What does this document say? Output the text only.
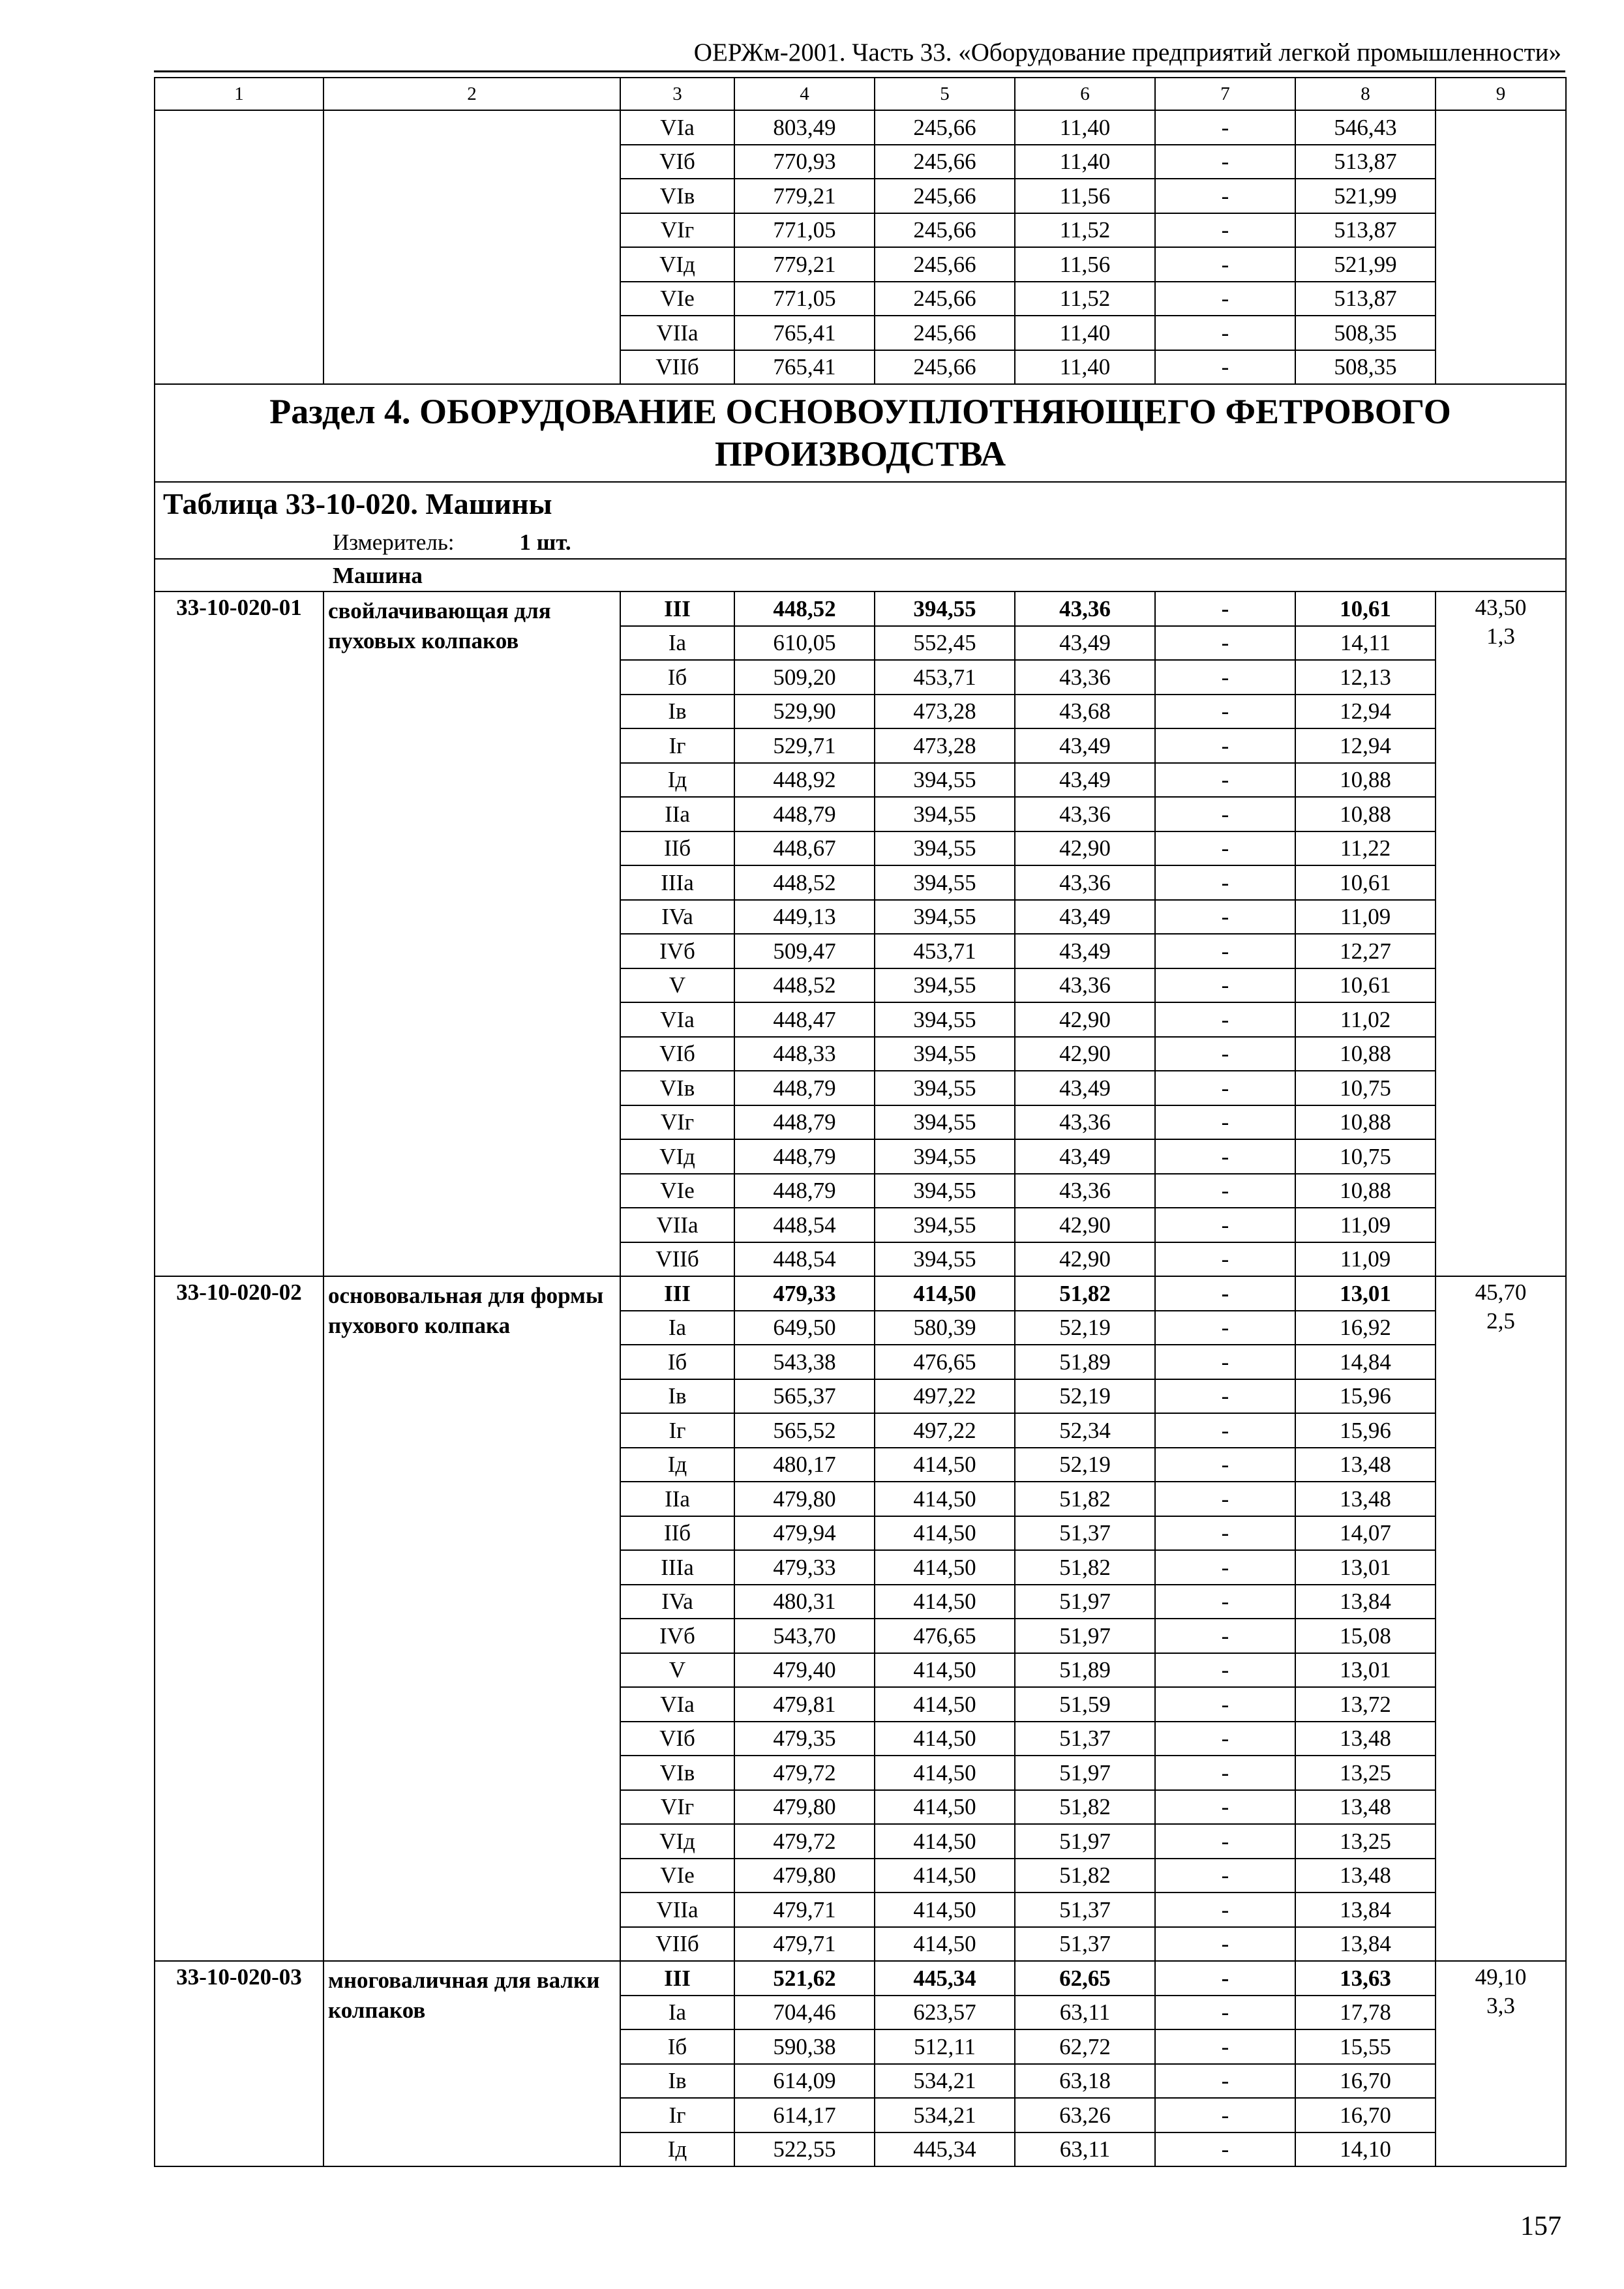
ОЕРЖм-2001. Часть 33. «Оборудование предприятий легкой промышленности»
1	2	3	4	5	6	7	8	9
		VIa	803,49	245,66	11,40	-	546,43	
		VIб	770,93	245,66	11,40	-	513,87	
		VIв	779,21	245,66	11,56	-	521,99	
		VIг	771,05	245,66	11,52	-	513,87	
		VIд	779,21	245,66	11,56	-	521,99	
		VIe	771,05	245,66	11,52	-	513,87	
		VIIa	765,41	245,66	11,40	-	508,35	
		VIIб	765,41	245,66	11,40	-	508,35	
Раздел 4. ОБОРУДОВАНИЕ ОСНОВОУПЛОТНЯЮЩЕГО ФЕТРОВОГО ПРОИЗВОДСТВА								
Таблица 33-10-020. Машины								
Измеритель: 1 шт.								
Машина								
33-10-020-01	свойлачивающая для пуховых колпаков	III	448,52	394,55	43,36	-	10,61	43,50
1,3

		Ia	610,05	552,45	43,49	-	14,11	
		Iб	509,20	453,71	43,36	-	12,13	
		Iв	529,90	473,28	43,68	-	12,94	
		Iг	529,71	473,28	43,49	-	12,94	
		Iд	448,92	394,55	43,49	-	10,88	
		IIa	448,79	394,55	43,36	-	10,88	
		IIб	448,67	394,55	42,90	-	11,22	
		IIIa	448,52	394,55	43,36	-	10,61	
		IVa	449,13	394,55	43,49	-	11,09	
		IVб	509,47	453,71	43,49	-	12,27	
		V	448,52	394,55	43,36	-	10,61	
		VIa	448,47	394,55	42,90	-	11,02	
		VIб	448,33	394,55	42,90	-	10,88	
		VIв	448,79	394,55	43,49	-	10,75	
		VIг	448,79	394,55	43,36	-	10,88	
		VIд	448,79	394,55	43,49	-	10,75	
		VIe	448,79	394,55	43,36	-	10,88	
		VIIa	448,54	394,55	42,90	-	11,09	
		VIIб	448,54	394,55	42,90	-	11,09	
33-10-020-02	основовальная для формы пухового колпака	III	479,33	414,50	51,82	-	13,01	45,70
2,5

		Ia	649,50	580,39	52,19	-	16,92	
		Iб	543,38	476,65	51,89	-	14,84	
		Iв	565,37	497,22	52,19	-	15,96	
		Iг	565,52	497,22	52,34	-	15,96	
		Iд	480,17	414,50	52,19	-	13,48	
		IIa	479,80	414,50	51,82	-	13,48	
		IIб	479,94	414,50	51,37	-	14,07	
		IIIa	479,33	414,50	51,82	-	13,01	
		IVa	480,31	414,50	51,97	-	13,84	
		IVб	543,70	476,65	51,97	-	15,08	
		V	479,40	414,50	51,89	-	13,01	
		VIa	479,81	414,50	51,59	-	13,72	
		VIб	479,35	414,50	51,37	-	13,48	
		VIв	479,72	414,50	51,97	-	13,25	
		VIг	479,80	414,50	51,82	-	13,48	
		VIд	479,72	414,50	51,97	-	13,25	
		VIe	479,80	414,50	51,82	-	13,48	
		VIIa	479,71	414,50	51,37	-	13,84	
		VIIб	479,71	414,50	51,37	-	13,84	
33-10-020-03	многоваличная для валки колпаков	III	521,62	445,34	62,65	-	13,63	49,10
3,3

		Ia	704,46	623,57	63,11	-	17,78	
		Iб	590,38	512,11	62,72	-	15,55	
		Iв	614,09	534,21	63,18	-	16,70	
		Iг	614,17	534,21	63,26	-	16,70	
		Iд	522,55	445,34	63,11	-	14,10	
157
